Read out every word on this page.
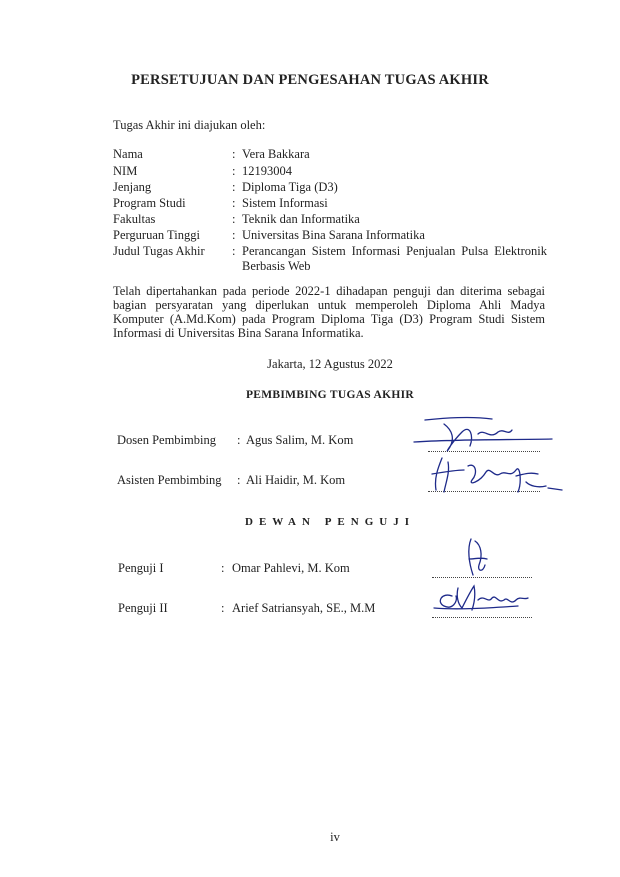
PERSETUJUAN DAN PENGESAHAN TUGAS AKHIR
Tugas Akhir ini diajukan oleh:
Nama	: Vera Bakkara
NIM	: 12193004
Jenjang	: Diploma Tiga (D3)
Program Studi	: Sistem Informasi
Fakultas	: Teknik dan Informatika
Perguruan Tinggi	: Universitas Bina Sarana Informatika
Judul Tugas Akhir : Perancangan Sistem Informasi Penjualan Pulsa Elektronik Berbasis Web
Telah dipertahankan pada periode 2022-1 dihadapan penguji dan diterima sebagai bagian persyaratan yang diperlukan untuk memperoleh Diploma Ahli Madya Komputer (A.Md.Kom) pada Program Diploma Tiga (D3) Program Studi Sistem Informasi di Universitas Bina Sarana Informatika.
Jakarta, 12 Agustus 2022
PEMBIMBING TUGAS AKHIR
Dosen Pembimbing : Agus Salim, M. Kom
Asisten Pembimbing : Ali Haidir, M. Kom
DEWAN PENGUJI
Penguji I	: Omar Pahlevi, M. Kom
Penguji II	: Arief Satriansyah, SE., M.M
iv
